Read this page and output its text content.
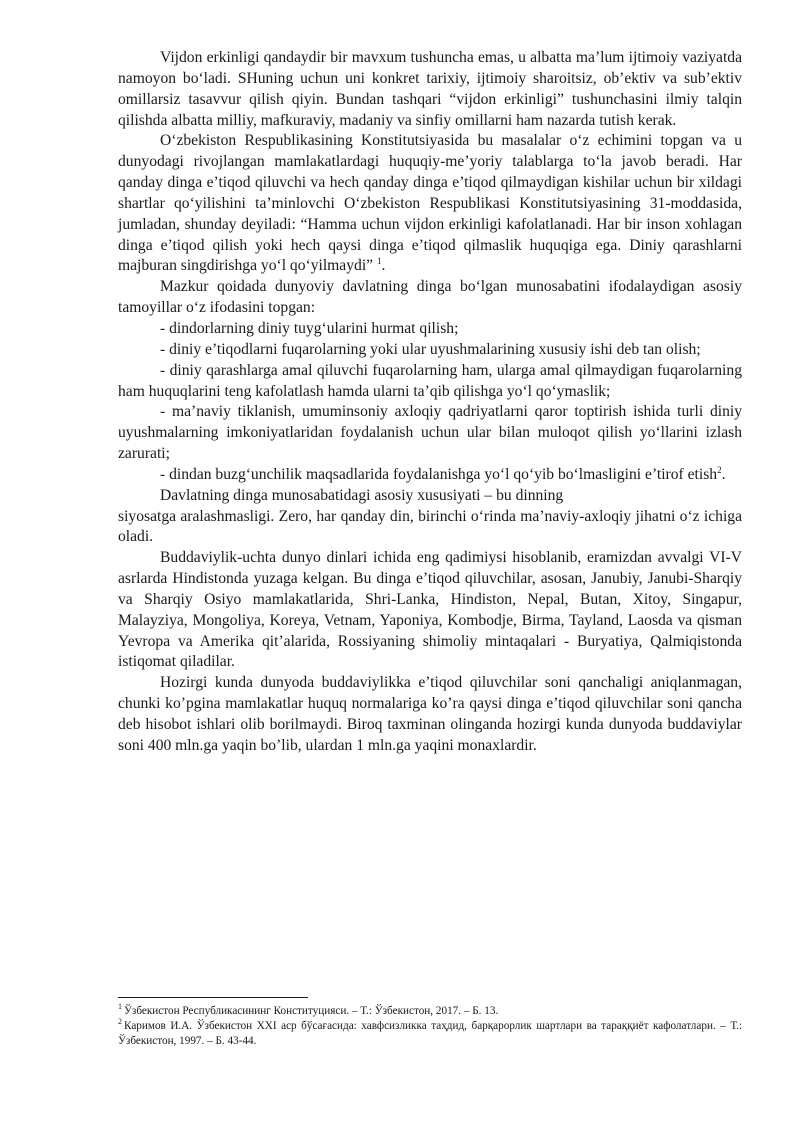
Vijdon erkinligi qandaydir bir mavxum tushuncha emas, u albatta ma’lum ijtimoiy vaziyatda namoyon bo‘ladi. SHuning uchun uni konkret tarixiy, ijtimoiy sharoitsiz, ob’ektiv va sub’ektiv omillarsiz tasavvur qilish qiyin. Bundan tashqari “vijdon erkinligi” tushunchasini ilmiy talqin qilishda albatta milliy, mafkuraviy, madaniy va sinfiy omillarni ham nazarda tutish kerak.

O‘zbekiston Respublikasining Konstitutsiyasida bu masalalar o‘z echimini topgan va u dunyodagi rivojlangan mamlakatlardagi huquqiy-me’yoriy talablarga to‘la javob beradi. Har qanday dinga e’tiqod qiluvchi va hech qanday dinga e’tiqod qilmaydigan kishilar uchun bir xildagi shartlar qo‘yilishini ta’minlovchi O‘zbekiston Respublikasi Konstitutsiyasining 31-moddasida, jumladan, shunday deyiladi: “Hamma uchun vijdon erkinligi kafolatlanadi. Har bir inson xohlagan dinga e’tiqod qilish yoki hech qaysi dinga e’tiqod qilmaslik huquqiga ega. Diniy qarashlarni majburan singdirishga yo‘l qo‘yilmaydi” $^1$.

Mazkur qoidada dunyoviy davlatning dinga bo‘lgan munosabatini ifodalaydigan asosiy tamoyillar o‘z ifodasini topgan:

- dindorlarning diniy tuyg‘ularini hurmat qilish;

- diniy e’tiqodlarni fuqarolarning yoki ular uyushmalarining xususiy ishi deb tan olish;

- diniy qarashlarga amal qiluvchi fuqarolarning ham, ularga amal qilmaydigan fuqarolarning ham huquqlarini teng kafolatlash hamda ularni ta’qib qilishga yo‘l qo‘ymaslik;

- ma’naviy tiklanish, umuminsoniy axloqiy qadriyatlarni qaror toptirish ishida turli diniy uyushmalarning imkoniyatlaridan foydalanish uchun ular bilan muloqot qilish yo‘llarini izlash zarurati;

- dindan buzg‘unchilik maqsadlarida foydalanishga yo‘l qo‘yib bo‘lmasligini e’tirof etish$^2$.

Davlatning dinga munosabatidagi asosiy xususiyati – bu dinning

siyosatga aralashmasligi. Zero, har qanday din, birinchi o‘rinda ma’naviy-axloqiy jihatni o‘z ichiga oladi.

Buddaviylik-uchta dunyo dinlari ichida eng qadimiysi hisoblanib, eramizdan avvalgi VI-V asrlarda Hindistonda yuzaga kelgan. Bu dinga e’tiqod qiluvchilar, asosan, Janubiy, Janubi-Sharqiy va Sharqiy Osiyo mamlakatlarida, Shri-Lanka, Hindiston, Nepal, Butan, Xitoy, Singapur, Malayziya, Mongoliya, Koreya, Vetnam, Yaponiya, Kombodje, Birma, Tayland, Laosda va qisman Yevropa va Amerika qit’alarida, Rossiyaning shimoliy mintaqalari - Buryatiya, Qalmiqistonda istiqomat qiladilar.

Hozirgi kunda dunyoda buddaviylikka e’tiqod qiluvchilar soni qanchaligi aniqlanmagan, chunki ko’pgina mamlakatlar huquq normalariga ko’ra qaysi dinga e’tiqod qiluvchilar soni qancha deb hisobot ishlari olib borilmaydi. Biroq taxminan olinganda hozirgi kunda dunyoda buddaviylar soni 400 mln.ga yaqin bo’lib, ulardan 1 mln.ga yaqini monaxlardir.

$^1$ Ўзбекистон Республикасининг Конституцияси. – Т.: Ўзбекистон, 2017. – Б. 13.

$^2$ Каримов И.А. Ўзбекистон XXI аср бўсағасида: хавфсизликка таҳдид, барқарорлик шартлари ва тараққиёт кафолатлари. – Т.: Ўзбекистон, 1997. – Б. 43-44.
